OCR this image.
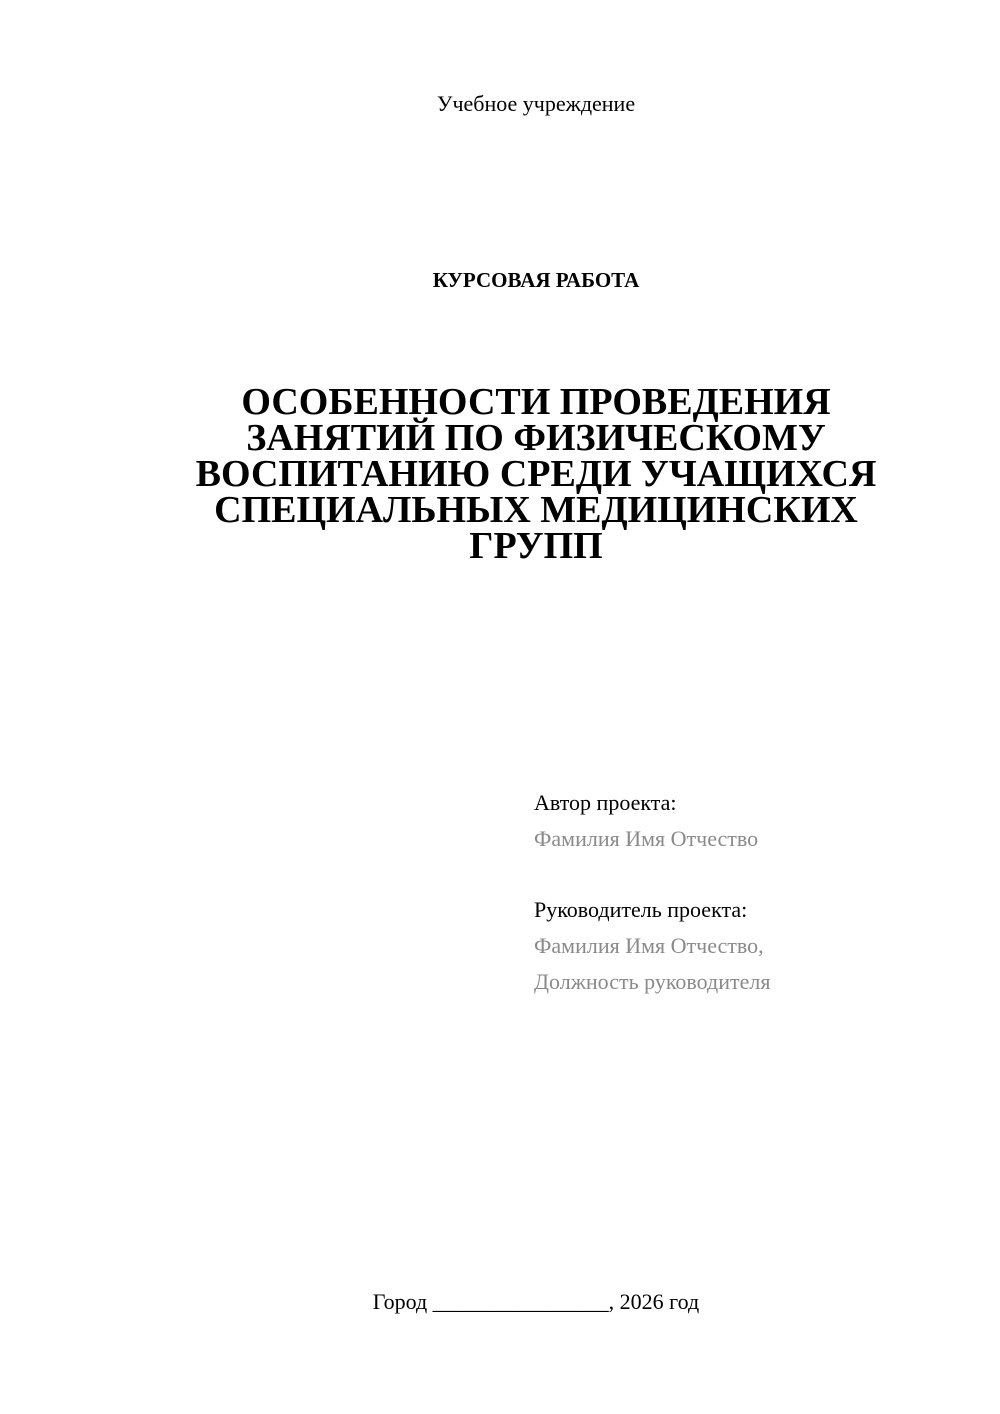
Учебное учреждение
КУРСОВАЯ РАБОТА
ОСОБЕННОСТИ ПРОВЕДЕНИЯ
ЗАНЯТИЙ ПО ФИЗИЧЕСКОМУ
ВОСПИТАНИЮ СРЕДИ УЧАЩИХСЯ
СПЕЦИАЛЬНЫХ МЕДИЦИНСКИХ
ГРУПП
Автор проекта:
Фамилия Имя Отчество
Руководитель проекта:
Фамилия Имя Отчество,
Должность руководителя
Город ________________, 2026 год
